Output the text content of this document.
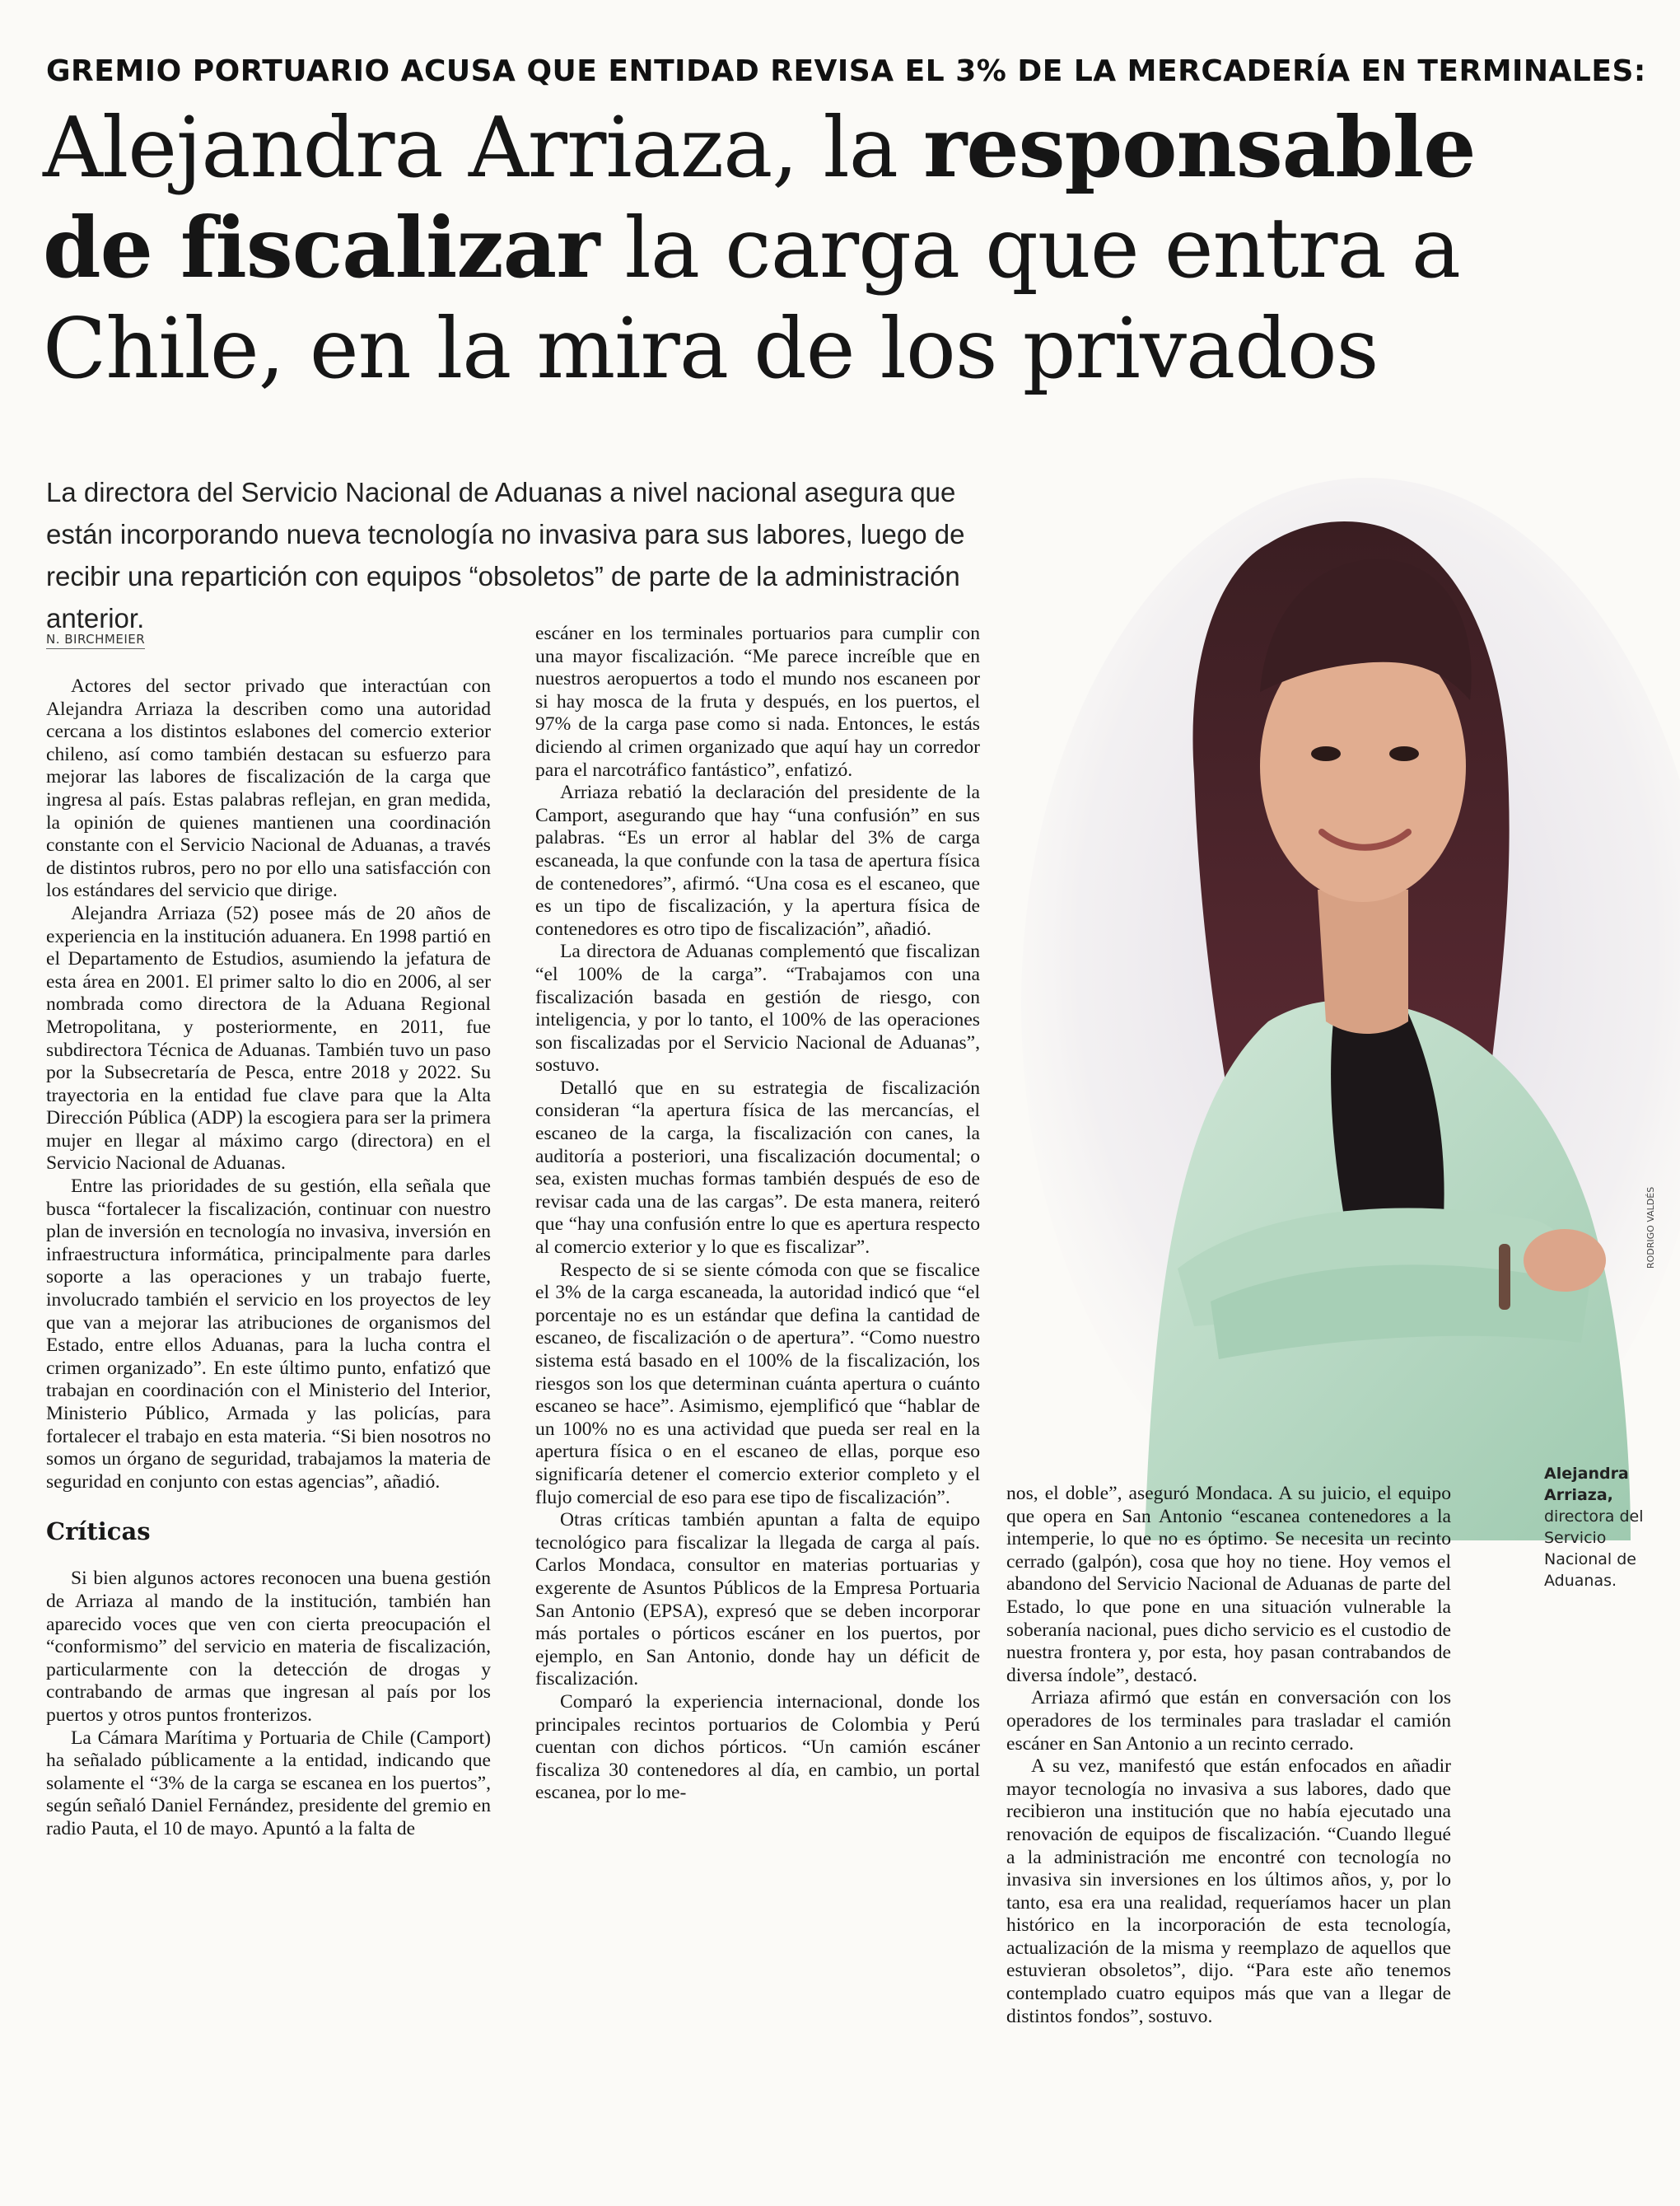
GREMIO PORTUARIO ACUSA QUE ENTIDAD REVISA EL 3% DE LA MERCADERÍA EN TERMINALES:
Alejandra Arriaza, la responsable
de fiscalizar la carga que entra a Chile, en la mira de los privados
La directora del Servicio Nacional de Aduanas a nivel nacional asegura que están incorporando nueva tecnología no invasiva para sus labores, luego de recibir una repartición con equipos “obsoletos” de parte de la administración anterior.
N. BIRCHMEIER
RODRIGO VALDÉS
Alejandra Arriaza, directora del Servicio Nacional de Aduanas.

Actores del sector privado que interactúan con Alejandra Arriaza la describen como una autoridad cercana a los distintos eslabones del comercio exterior chileno, así como también destacan su esfuerzo para mejorar las labores de fiscalización de la carga que ingresa al país. Estas palabras reflejan, en gran medida, la opinión de quienes mantienen una coordinación constante con el Servicio Nacional de Aduanas, a través de distintos rubros, pero no por ello una satisfacción con los estándares del servicio que dirige.

Alejandra Arriaza (52) posee más de 20 años de experiencia en la institución aduanera. En 1998 partió en el Departamento de Estudios, asumiendo la jefatura de esta área en 2001. El primer salto lo dio en 2006, al ser nombrada como directora de la Aduana Regional Metropolitana, y posteriormente, en 2011, fue subdirectora Técnica de Aduanas. También tuvo un paso por la Subsecretaría de Pesca, entre 2018 y 2022. Su trayectoria en la entidad fue clave para que la Alta Dirección Pública (ADP) la escogiera para ser la primera mujer en llegar al máximo cargo (directora) en el Servicio Nacional de Aduanas.

Entre las prioridades de su gestión, ella señala que busca “fortalecer la fiscalización, continuar con nuestro plan de inversión en tecnología no invasiva, inversión en infraestructura informática, principalmente para darles soporte a las operaciones y un trabajo fuerte, involucrado también el servicio en los proyectos de ley que van a mejorar las atribuciones de organismos del Estado, entre ellos Aduanas, para la lucha contra el crimen organizado”. En este último punto, enfatizó que trabajan en coordinación con el Ministerio del Interior, Ministerio Público, Armada y las policías, para fortalecer el trabajo en esta materia. “Si bien nosotros no somos un órgano de seguridad, trabajamos la materia de seguridad en conjunto con estas agencias”, añadió.

Críticas

Si bien algunos actores reconocen una buena gestión de Arriaza al mando de la institución, también han aparecido voces que ven con cierta preocupación el “conformismo” del servicio en materia de fiscalización, particularmente con la detección de drogas y contrabando de armas que ingresan al país por los puertos y otros puntos fronterizos.

La Cámara Marítima y Portuaria de Chile (Camport) ha señalado públicamente a la entidad, indicando que solamente el “3% de la carga se escanea en los puertos”, según señaló Daniel Fernández, presidente del gremio en radio Pauta, el 10 de mayo. Apuntó a la falta de

escáner en los terminales portuarios para cumplir con una mayor fiscalización. “Me parece increíble que en nuestros aeropuertos a todo el mundo nos escaneen por si hay mosca de la fruta y después, en los puertos, el 97% de la carga pase como si nada. Entonces, le estás diciendo al crimen organizado que aquí hay un corredor para el narcotráfico fantástico”, enfatizó.

Arriaza rebatió la declaración del presidente de la Camport, asegurando que hay “una confusión” en sus palabras. “Es un error al hablar del 3% de carga escaneada, la que confunde con la tasa de apertura física de contenedores”, afirmó. “Una cosa es el escaneo, que es un tipo de fiscalización, y la apertura física de contenedores es otro tipo de fiscalización”, añadió.

La directora de Aduanas complementó que fiscalizan “el 100% de la carga”. “Trabajamos con una fiscalización basada en gestión de riesgo, con inteligencia, y por lo tanto, el 100% de las operaciones son fiscalizadas por el Servicio Nacional de Aduanas”, sostuvo.

Detalló que en su estrategia de fiscalización consideran “la apertura física de las mercancías, el escaneo de la carga, la fiscalización con canes, la auditoría a posteriori, una fiscalización documental; o sea, existen muchas formas también después de eso de revisar cada una de las cargas”. De esta manera, reiteró que “hay una confusión entre lo que es apertura respecto al comercio exterior y lo que es fiscalizar”.

Respecto de si se siente cómoda con que se fiscalice el 3% de la carga escaneada, la autoridad indicó que “el porcentaje no es un estándar que defina la cantidad de escaneo, de fiscalización o de apertura”. “Como nuestro sistema está basado en el 100% de la fiscalización, los riesgos son los que determinan cuánta apertura o cuánto escaneo se hace”. Asimismo, ejemplificó que “hablar de un 100% no es una actividad que pueda ser real en la apertura física o en el escaneo de ellas, porque eso significaría detener el comercio exterior completo y el flujo comercial de eso para ese tipo de fiscalización”.

Otras críticas también apuntan a falta de equipo tecnológico para fiscalizar la llegada de carga al país. Carlos Mondaca, consultor en materias portuarias y exgerente de Asuntos Públicos de la Empresa Portuaria San Antonio (EPSA), expresó que se deben incorporar más portales o pórticos escáner en los puertos, por ejemplo, en San Antonio, donde hay un déficit de fiscalización.

Comparó la experiencia internacional, donde los principales recintos portuarios de Colombia y Perú cuentan con dichos pórticos. “Un camión escáner fiscaliza 30 contenedores al día, en cambio, un portal escanea, por lo me-

nos, el doble”, aseguró Mondaca. A su juicio, el equipo que opera en San Antonio “escanea contenedores a la intemperie, lo que no es óptimo. Se necesita un recinto cerrado (galpón), cosa que hoy no tiene. Hoy vemos el abandono del Servicio Nacional de Aduanas de parte del Estado, lo que pone en una situación vulnerable la soberanía nacional, pues dicho servicio es el custodio de nuestra frontera y, por esta, hoy pasan contrabandos de diversa índole”, destacó.

Arriaza afirmó que están en conversación con los operadores de los terminales para trasladar el camión escáner en San Antonio a un recinto cerrado.

A su vez, manifestó que están enfocados en añadir mayor tecnología no invasiva a sus labores, dado que recibieron una institución que no había ejecutado una renovación de equipos de fiscalización. “Cuando llegué a la administración me encontré con tecnología no invasiva sin inversiones en los últimos años, y, por lo tanto, esa era una realidad, requeríamos hacer un plan histórico en la incorporación de esta tecnología, actualización de la misma y reemplazo de aquellos que estuvieran obsoletos”, dijo. “Para este año tenemos contemplado cuatro equipos más que van a llegar de distintos fondos”, sostuvo.
